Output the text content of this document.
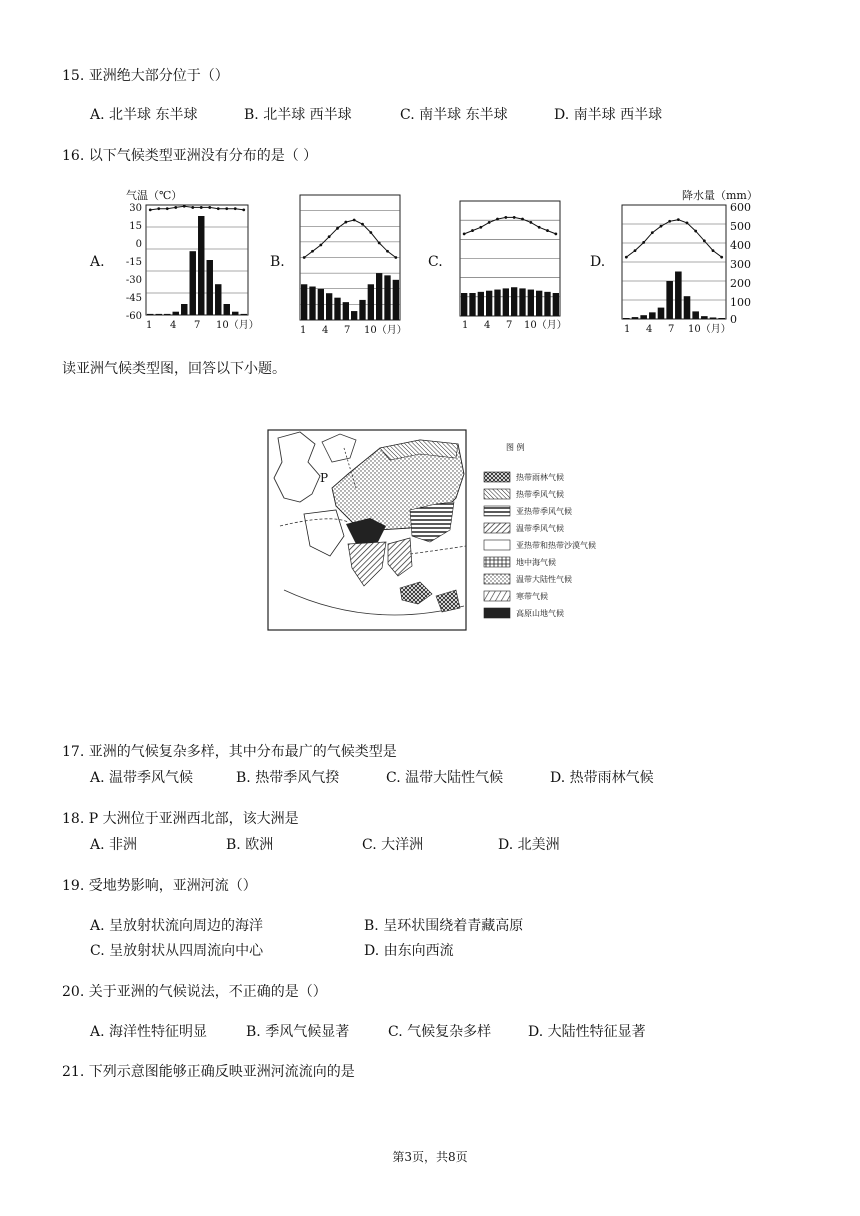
15. 亚洲绝大部分位于（）
A. 北半球 东半球	B. 北半球 西半球	C. 南半球 东半球	D. 南半球 西半球
16. 以下气候类型亚洲没有分布的是（ ）
A.	B.	C.	D.
气温（℃）
30
15
0
-15
-30
-45
-60
1 4 7 10（月）	1 4 7 10（月）	1 4 7 10（月）
降水量（mm）
600
500
400
300
200
100
0
1 4 7 10（月）
读亚洲气候类型图，回答以下小题。
P
图 例
热带雨林气候
热带季风气候
亚热带季风气候
温带季风气候
亚热带和热带沙漠气候
地中海气候
温带大陆性气候
寒带气候
高原山地气候
17. 亚洲的气候复杂多样，其中分布最广的气候类型是
A. 温带季风气候	B. 热带季风气揆	C. 温带大陆性气候	D. 热带雨林气候
18. P 大洲位于亚洲西北部，该大洲是
A. 非洲	B. 欧洲	C. 大洋洲	D. 北美洲
19. 受地势影响，亚洲河流（）
A. 呈放射状流向周边的海洋	B. 呈环状围绕着青藏高原
C. 呈放射状从四周流向中心	D. 由东向西流
20. 关于亚洲的气候说法，不正确的是（）
A. 海洋性特征明显	B. 季风气候显著	C. 气候复杂多样	D. 大陆性特征显著
21. 下列示意图能够正确反映亚洲河流流向的是
第3页，共8页
